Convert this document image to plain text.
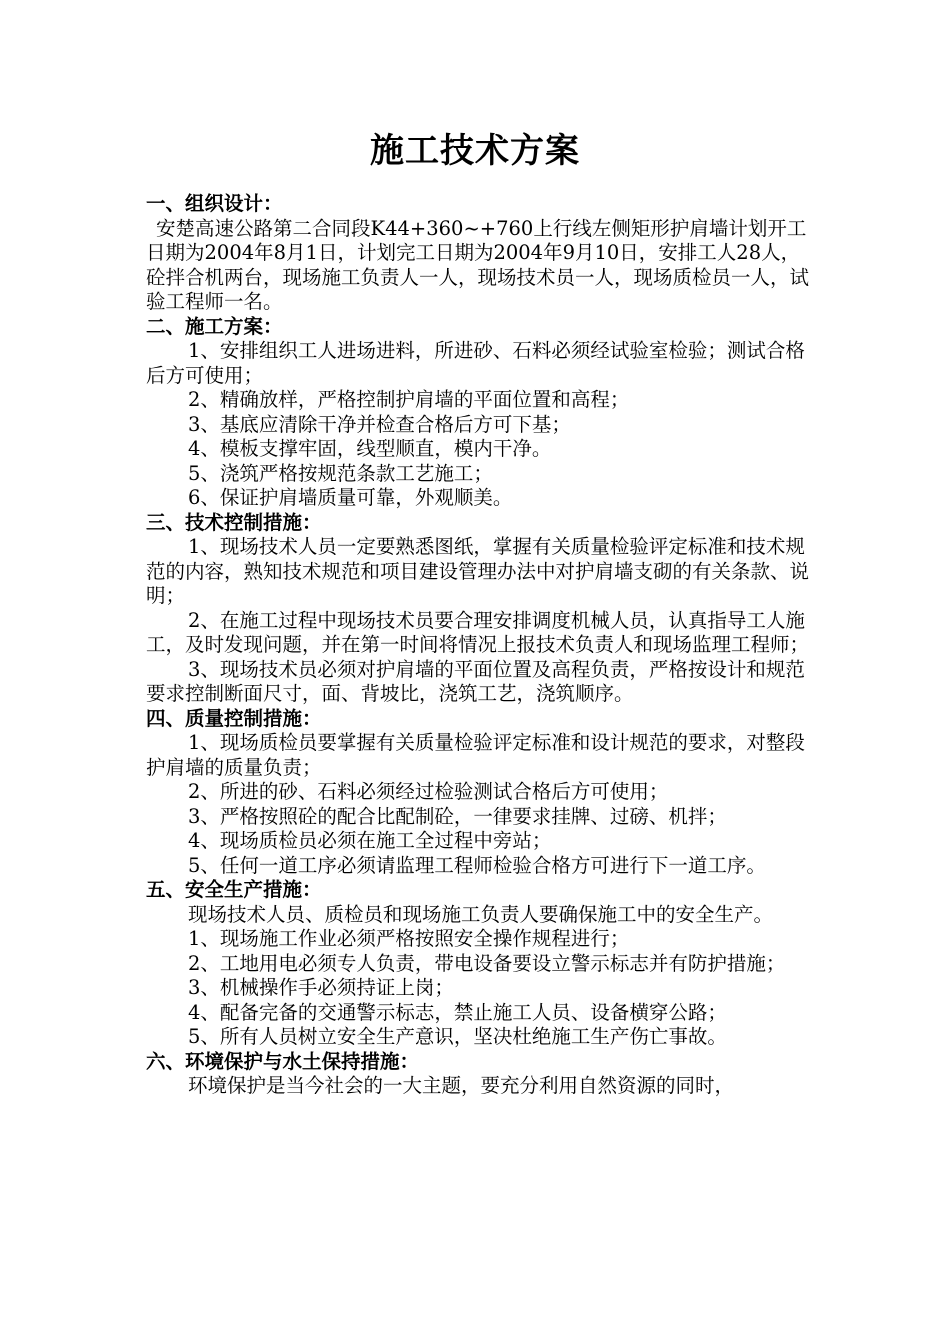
施工技术方案

一、组织设计：

安楚高速公路第二合同段K44+360~+760上行线左侧矩形护肩墙计划开工日期为2004年8月1日，计划完工日期为2004年9月10日，安排工人28人，砼拌合机两台，现场施工负责人一人，现场技术员一人，现场质检员一人，试验工程师一名。

二、施工方案：

1、安排组织工人进场进料，所进砂、石料必须经试验室检验；测试合格后方可使用；

2、精确放样，严格控制护肩墙的平面位置和高程；

3、基底应清除干净并检查合格后方可下基；

4、模板支撑牢固，线型顺直，模内干净。

5、浇筑严格按规范条款工艺施工；

6、保证护肩墙质量可靠，外观顺美。

三、技术控制措施：

1、现场技术人员一定要熟悉图纸，掌握有关质量检验评定标准和技术规范的内容，熟知技术规范和项目建设管理办法中对护肩墙支砌的有关条款、说明；

2、在施工过程中现场技术员要合理安排调度机械人员，认真指导工人施工，及时发现问题，并在第一时间将情况上报技术负责人和现场监理工程师；

3、现场技术员必须对护肩墙的平面位置及高程负责，严格按设计和规范要求控制断面尺寸，面、背坡比，浇筑工艺，浇筑顺序。

四、质量控制措施：

1、现场质检员要掌握有关质量检验评定标准和设计规范的要求，对整段护肩墙的质量负责；

2、所进的砂、石料必须经过检验测试合格后方可使用；

3、严格按照砼的配合比配制砼，一律要求挂牌、过磅、机拌；

4、现场质检员必须在施工全过程中旁站；

5、任何一道工序必须请监理工程师检验合格方可进行下一道工序。

五、安全生产措施：

现场技术人员、质检员和现场施工负责人要确保施工中的安全生产。

1、现场施工作业必须严格按照安全操作规程进行；

2、工地用电必须专人负责，带电设备要设立警示标志并有防护措施；

3、机械操作手必须持证上岗；

4、配备完备的交通警示标志，禁止施工人员、设备横穿公路；

5、所有人员树立安全生产意识，坚决杜绝施工生产伤亡事故。

六、环境保护与水土保持措施：

环境保护是当今社会的一大主题，要充分利用自然资源的同时，
